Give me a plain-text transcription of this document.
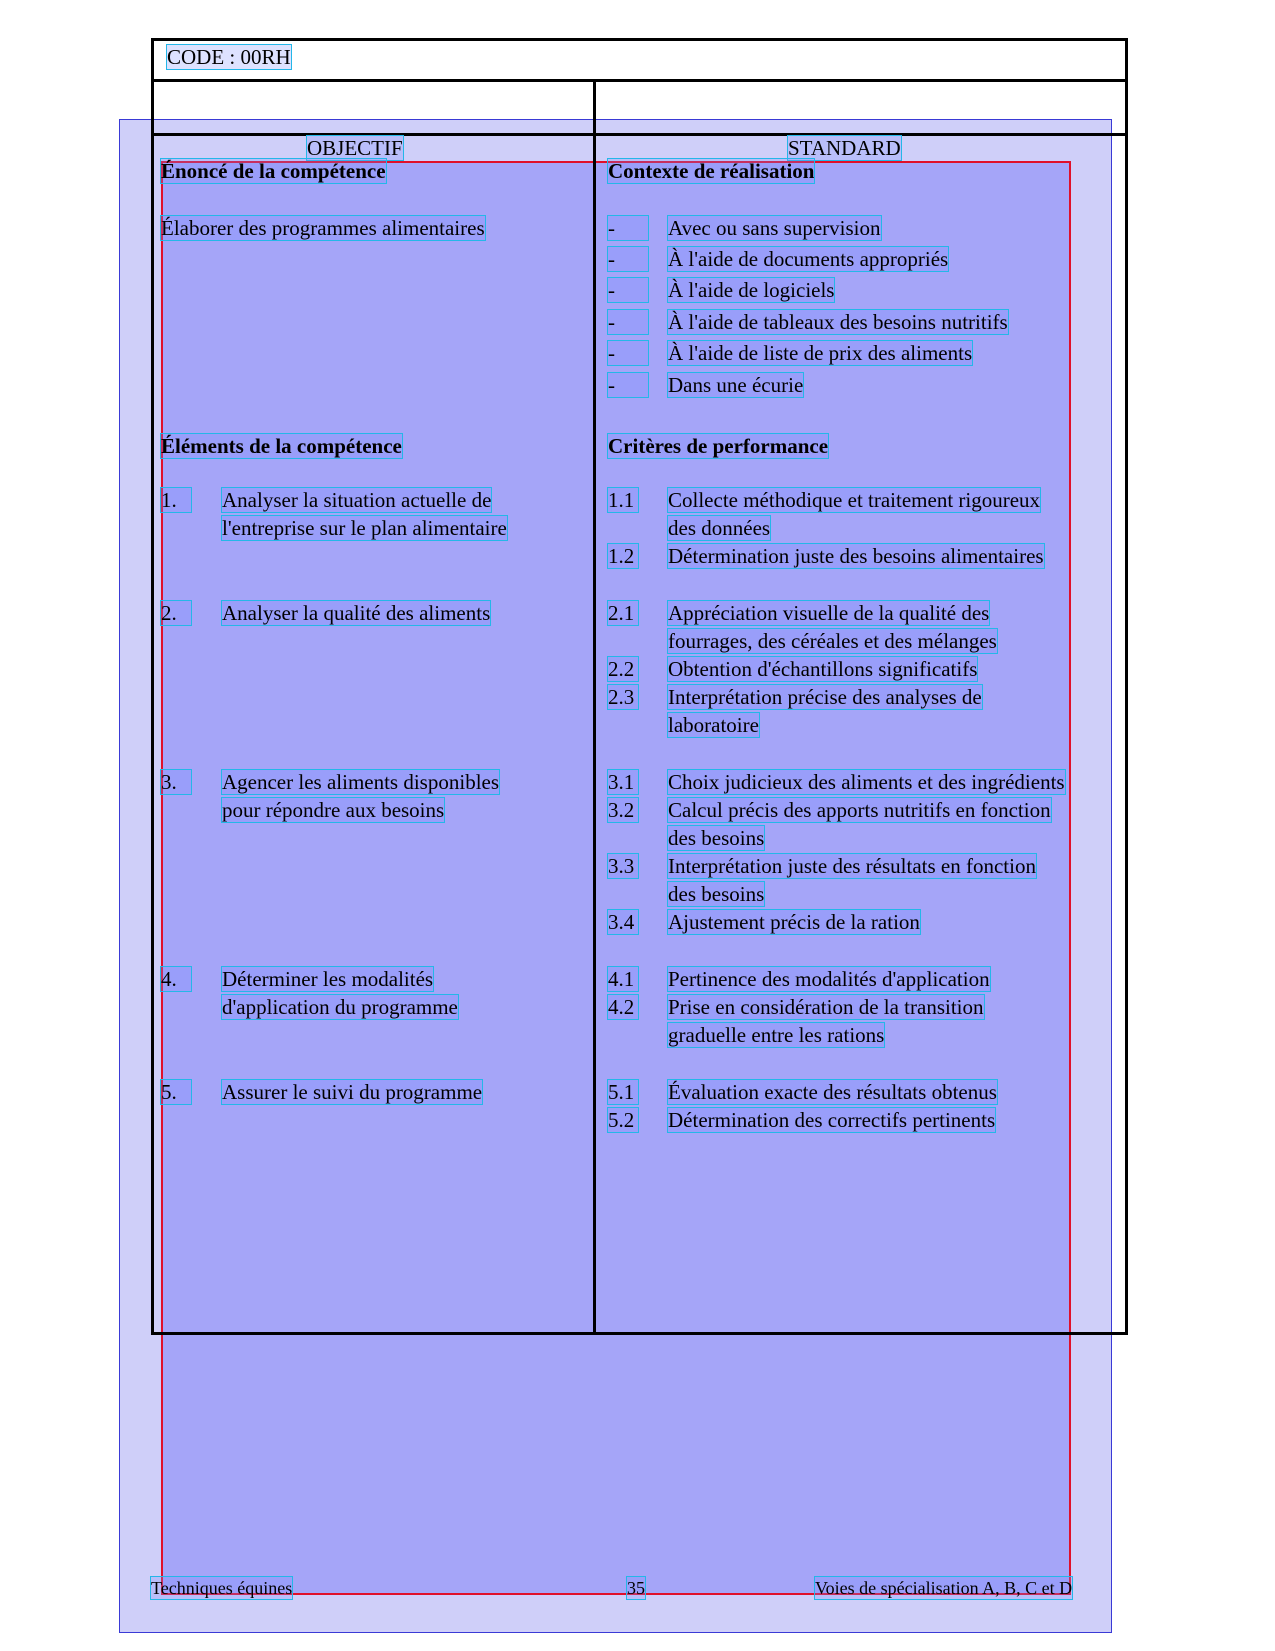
CODE : 00RH
OBJECTIF	STANDARD
Énoncé de la compétence
Élaborer des programmes alimentaires
Éléments de la compétence
1.	Analyser la situation actuelle de
l'entreprise sur le plan alimentaire
2.	Analyser la qualité des aliments
3.	Agencer les aliments disponibles
pour répondre aux besoins
4.	Déterminer les modalités
d'application du programme
5.	Assurer le suivi du programme
Contexte de réalisation
-	Avec ou sans supervision
-	À l'aide de documents appropriés
-	À l'aide de logiciels
-	À l'aide de tableaux des besoins nutritifs
-	À l'aide de liste de prix des aliments
-	Dans une écurie
Critères de performance
1.1 Collecte méthodique et traitement rigoureux
des données
1.2 Détermination juste des besoins alimentaires
2.1 Appréciation visuelle de la qualité des
fourrages, des céréales et des mélanges
2.2 Obtention d'échantillons significatifs
2.3 Interprétation précise des analyses de
laboratoire
3.1 Choix judicieux des aliments et des ingrédients
3.2 Calcul précis des apports nutritifs en fonction
des besoins
3.3 Interprétation juste des résultats en fonction
des besoins
3.4 Ajustement précis de la ration
4.1 Pertinence des modalités d'application
4.2 Prise en considération de la transition
graduelle entre les rations
5.1 Évaluation exacte des résultats obtenus
5.2 Détermination des correctifs pertinents
Techniques équines	35	Voies de spécialisation A, B, C et D
